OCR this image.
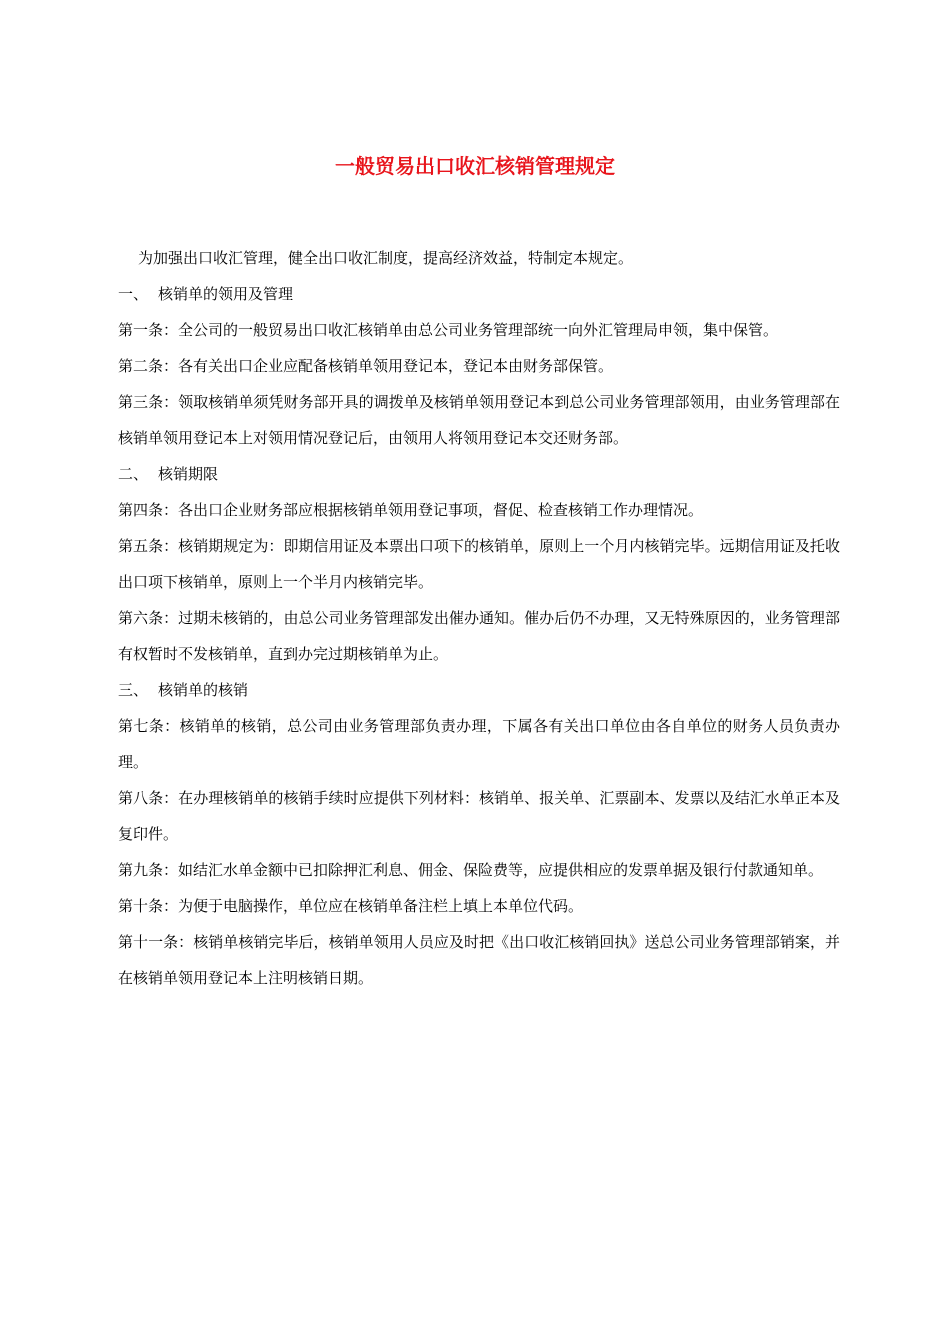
一般贸易出口收汇核销管理规定

为加强出口收汇管理，健全出口收汇制度，提高经济效益，特制定本规定。

一、 核销单的领用及管理

第一条：全公司的一般贸易出口收汇核销单由总公司业务管理部统一向外汇管理局申领，集中保管。

第二条：各有关出口企业应配备核销单领用登记本，登记本由财务部保管。

第三条：领取核销单须凭财务部开具的调拨单及核销单领用登记本到总公司业务管理部领用，由业务管理部在核销单领用登记本上对领用情况登记后，由领用人将领用登记本交还财务部。

二、 核销期限

第四条：各出口企业财务部应根据核销单领用登记事项，督促、检查核销工作办理情况。

第五条：核销期规定为：即期信用证及本票出口项下的核销单，原则上一个月内核销完毕。远期信用证及托收出口项下核销单，原则上一个半月内核销完毕。

第六条：过期未核销的，由总公司业务管理部发出催办通知。催办后仍不办理，又无特殊原因的，业务管理部有权暂时不发核销单，直到办完过期核销单为止。

三、 核销单的核销

第七条：核销单的核销，总公司由业务管理部负责办理，下属各有关出口单位由各自单位的财务人员负责办理。

第八条：在办理核销单的核销手续时应提供下列材料：核销单、报关单、汇票副本、发票以及结汇水单正本及复印件。

第九条：如结汇水单金额中已扣除押汇利息、佣金、保险费等，应提供相应的发票单据及银行付款通知单。

第十条：为便于电脑操作，单位应在核销单备注栏上填上本单位代码。

第十一条：核销单核销完毕后，核销单领用人员应及时把《出口收汇核销回执》送总公司业务管理部销案，并在核销单领用登记本上注明核销日期。
